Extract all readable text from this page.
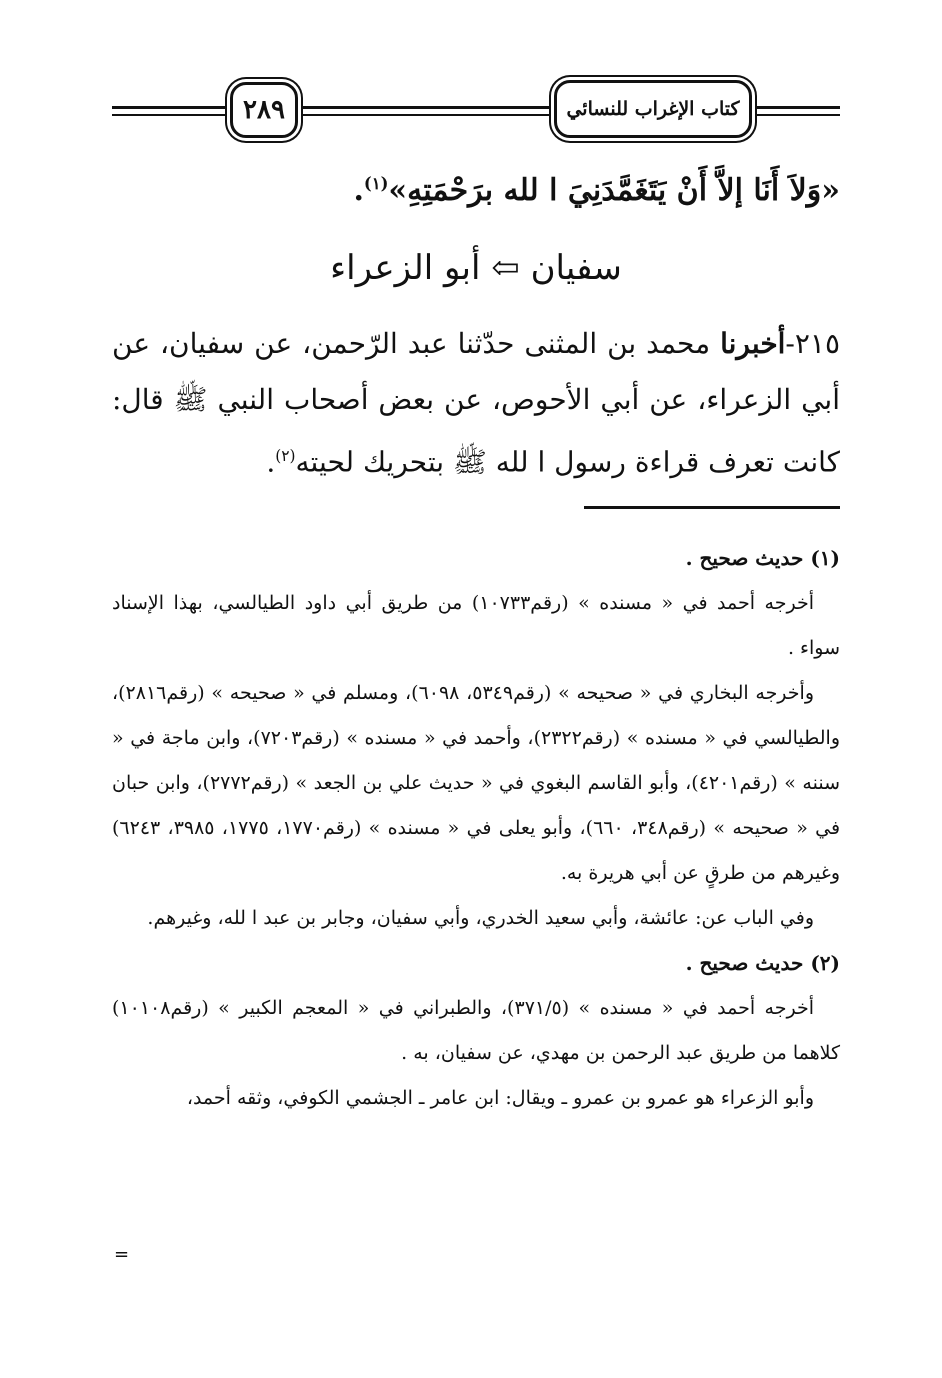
٢٨٩	كتاب الإغراب للنسائي
«وَلاَ أَنَا إلاَّ أَنْ يَتَغَمَّدَنِيَ ا لله برَحْمَتِهِ»$^{(١)}$.
سفيان ⇦ أبو الزعراء
٢١٥-أخبرنا محمد بن المثنى حدّثنا عبد الرّحمن، عن سفيان، عن أبي الزعراء، عن أبي الأحوص، عن بعض أصحاب النبي ﷺ قال: كانت تعرف قراءة رسول ا لله ﷺ بتحريك لحيته$^{(٢)}$.

(١) حديث صحيح .

أخرجه أحمد في « مسنده » (رقم١٠٧٣٣) من طريق أبي داود الطيالسي، بهذا الإسناد سواء .

وأخرجه البخاري في « صحيحه » (رقم٥٣٤٩، ٦٠٩٨)، ومسلم في « صحيحه » (رقم٢٨١٦)، والطيالسي في « مسنده » (رقم٢٣٢٢)، وأحمد في « مسنده » (رقم٧٢٠٣)، وابن ماجة في « سننه » (رقم٤٢٠١)، وأبو القاسم البغوي في « حديث علي بن الجعد » (رقم٢٧٧٢)، وابن حبان في « صحيحه » (رقم٣٤٨، ٦٦٠)، وأبو يعلى في « مسنده » (رقم١٧٧٠، ١٧٧٥، ٣٩٨٥، ٦٢٤٣) وغيرهم من طرقٍ عن أبي هريرة به.

وفي الباب عن: عائشة، وأبي سعيد الخدري، وأبي سفيان، وجابر بن عبد ا لله، وغيرهم.

(٢) حديث صحيح .

أخرجه أحمد في « مسنده » (٣٧١/٥)، والطبراني في « المعجم الكبير » (رقم١٠١٠٨) كلاهما من طريق عبد الرحمن بن مهدي، عن سفيان، به .

وأبو الزعراء هو عمرو بن عمرو ـ ويقال: ابن عامر ـ الجشمي الكوفي، وثقه أحمد،

=
